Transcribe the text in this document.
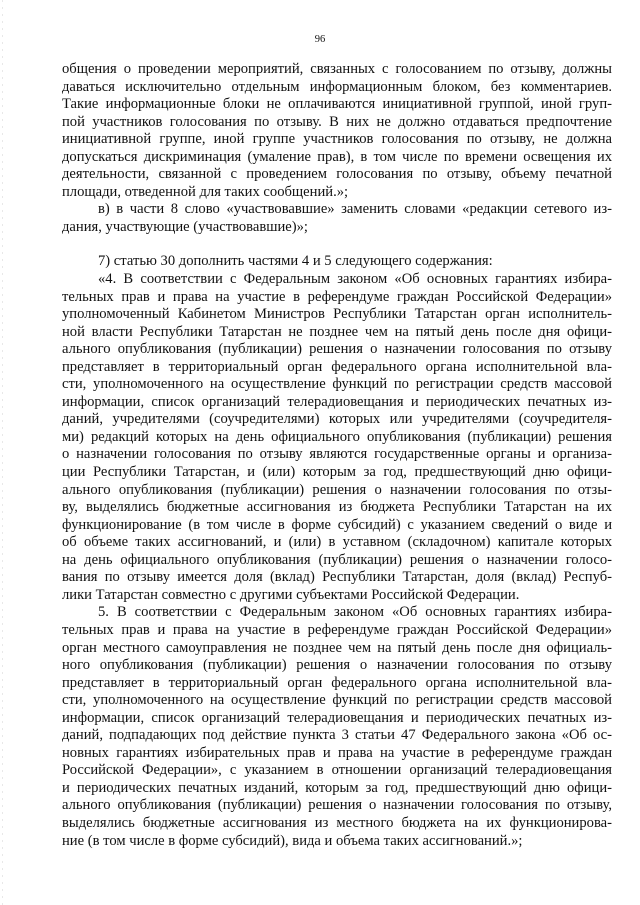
96
общения о проведении мероприятий, связанных с голосованием по отзыву, должны
даваться исключительно отдельным информационным блоком, без комментариев.
Такие информационные блоки не оплачиваются инициативной группой, иной груп-
пой участников голосования по отзыву. В них не должно отдаваться предпочтение
инициативной группе, иной группе участников голосования по отзыву, не должна
допускаться дискриминация (умаление прав), в том числе по времени освещения их
деятельности, связанной с проведением голосования по отзыву, объему печатной
площади, отведенной для таких сообщений.»;
в) в части 8 слово «участвовавшие» заменить словами «редакции сетевого из-
дания, участвующие (участвовавшие)»;
7) статью 30 дополнить частями 4 и 5 следующего содержания:
«4. В соответствии с Федеральным законом «Об основных гарантиях избира-
тельных прав и права на участие в референдуме граждан Российской Федерации»
уполномоченный Кабинетом Министров Республики Татарстан орган исполнитель-
ной власти Республики Татарстан не позднее чем на пятый день после дня офици-
ального опубликования (публикации) решения о назначении голосования по отзыву
представляет в территориальный орган федерального органа исполнительной вла-
сти, уполномоченного на осуществление функций по регистрации средств массовой
информации, список организаций телерадиовещания и периодических печатных из-
даний, учредителями (соучредителями) которых или учредителями (соучредителя-
ми) редакций которых на день официального опубликования (публикации) решения
о назначении голосования по отзыву являются государственные органы и организа-
ции Республики Татарстан, и (или) которым за год, предшествующий дню офици-
ального опубликования (публикации) решения о назначении голосования по отзы-
ву, выделялись бюджетные ассигнования из бюджета Республики Татарстан на их
функционирование (в том числе в форме субсидий) с указанием сведений о виде и
об объеме таких ассигнований, и (или) в уставном (складочном) капитале которых
на день официального опубликования (публикации) решения о назначении голосо-
вания по отзыву имеется доля (вклад) Республики Татарстан, доля (вклад) Респуб-
лики Татарстан совместно с другими субъектами Российской Федерации.
5. В соответствии с Федеральным законом «Об основных гарантиях избира-
тельных прав и права на участие в референдуме граждан Российской Федерации»
орган местного самоуправления не позднее чем на пятый день после дня официаль-
ного опубликования (публикации) решения о назначении голосования по отзыву
представляет в территориальный орган федерального органа исполнительной вла-
сти, уполномоченного на осуществление функций по регистрации средств массовой
информации, список организаций телерадиовещания и периодических печатных из-
даний, подпадающих под действие пункта 3 статьи 47 Федерального закона «Об ос-
новных гарантиях избирательных прав и права на участие в референдуме граждан
Российской Федерации», с указанием в отношении организаций телерадиовещания
и периодических печатных изданий, которым за год, предшествующий дню офици-
ального опубликования (публикации) решения о назначении голосования по отзыву,
выделялись бюджетные ассигнования из местного бюджета на их функционирова-
ние (в том числе в форме субсидий), вида и объема таких ассигнований.»;
